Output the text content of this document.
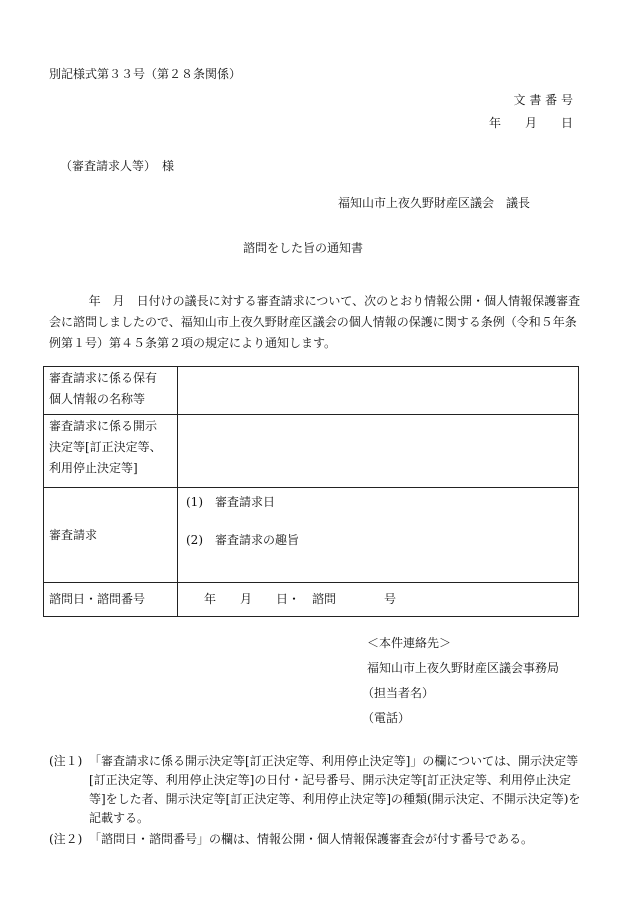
別記様式第３３号（第２８条関係）
文 書 番 号
年　　月　　日
（審査請求人等）　様
福知山市上夜久野財産区議会　議長
諮問をした旨の通知書

年　月　日付けの議長に対する審査請求について、次のとおり情報公開・個人情報保護審査会に諮問しましたので、福知山市上夜久野財産区議会の個人情報の保護に関する条例（令和５年条例第１号）第４５条第２項の規定により通知します。

審査請求に係る保有
個人情報の名称等	

審査請求に係る開示
決定等[訂正決定等、
利用停止決定等]	

審査請求	(1)　審査請求日
(2)　審査請求の趣旨

諮問日・諮問番号	年　　月　　日・　諮問　　　　号
＜本件連絡先＞
福知山市上夜久野財産区議会事務局
（担当者名）
（電話）
(注１) 「審査請求に係る開示決定等[訂正決定等、利用停止決定等]」の欄については、開示決定等[訂正決定等、利用停止決定等]の日付・記号番号、開示決定等[訂正決定等、利用停止決定等]をした者、開示決定等[訂正決定等、利用停止決定等]の種類(開示決定、不開示決定等)を記載する。
(注２) 「諮問日・諮問番号」の欄は、情報公開・個人情報保護審査会が付す番号である。
